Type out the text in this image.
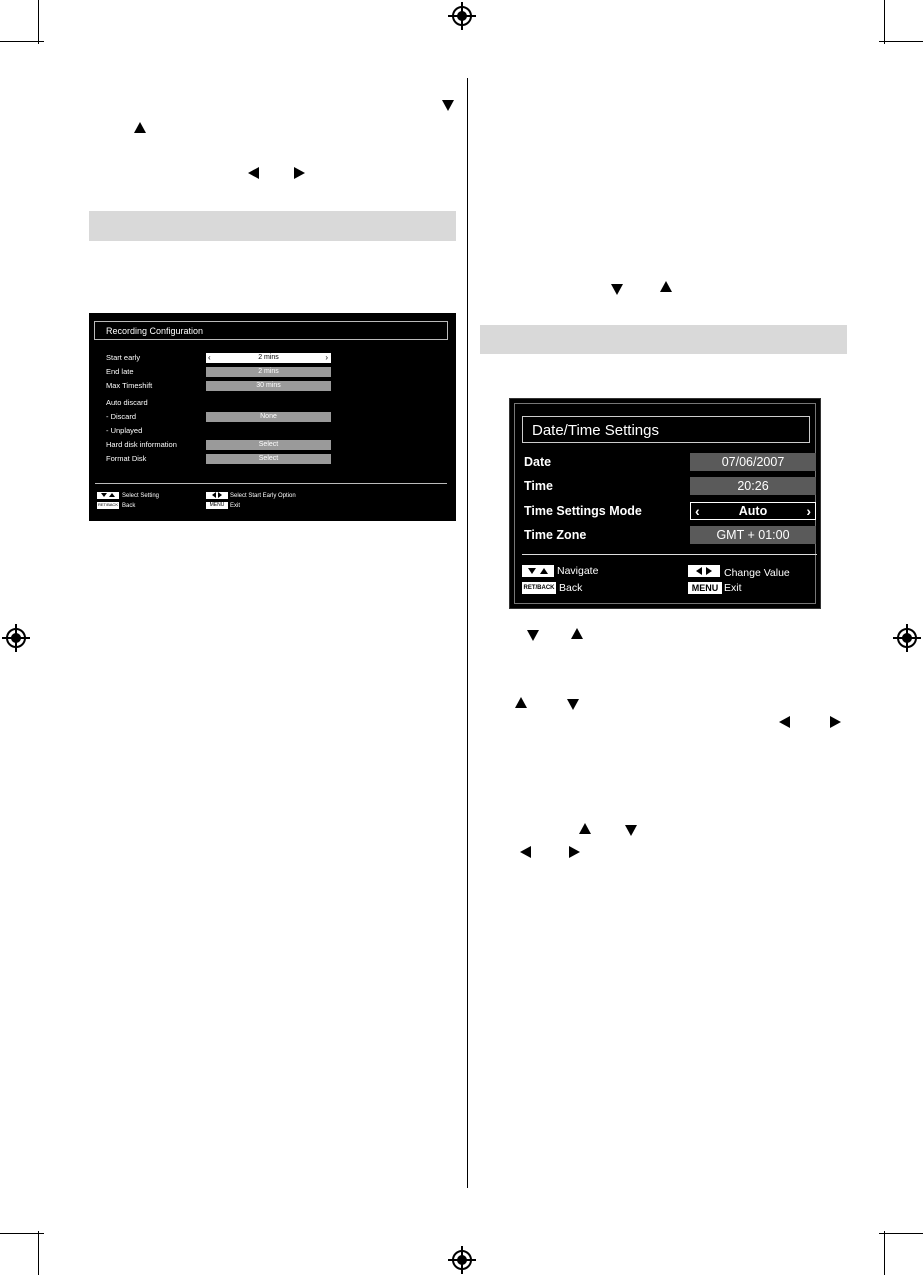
Recording Configuration
Start early	‹	2 mins	›
End late	2 mins
Max Timeshift	30 mins
Auto discard
- Discard	None
- Unplayed
Hard disk information	Select
Format Disk	Select

Select Setting
RET/BACK Back

Select Start Early Option
MENU Exit
Date/Time Settings
Date	07/06/2007
Time	20:26
Time Settings Mode	‹	Auto	›
Time Zone	GMT + 01:00

Navigate
RET/BACK Back

Change Value
MENU Exit
